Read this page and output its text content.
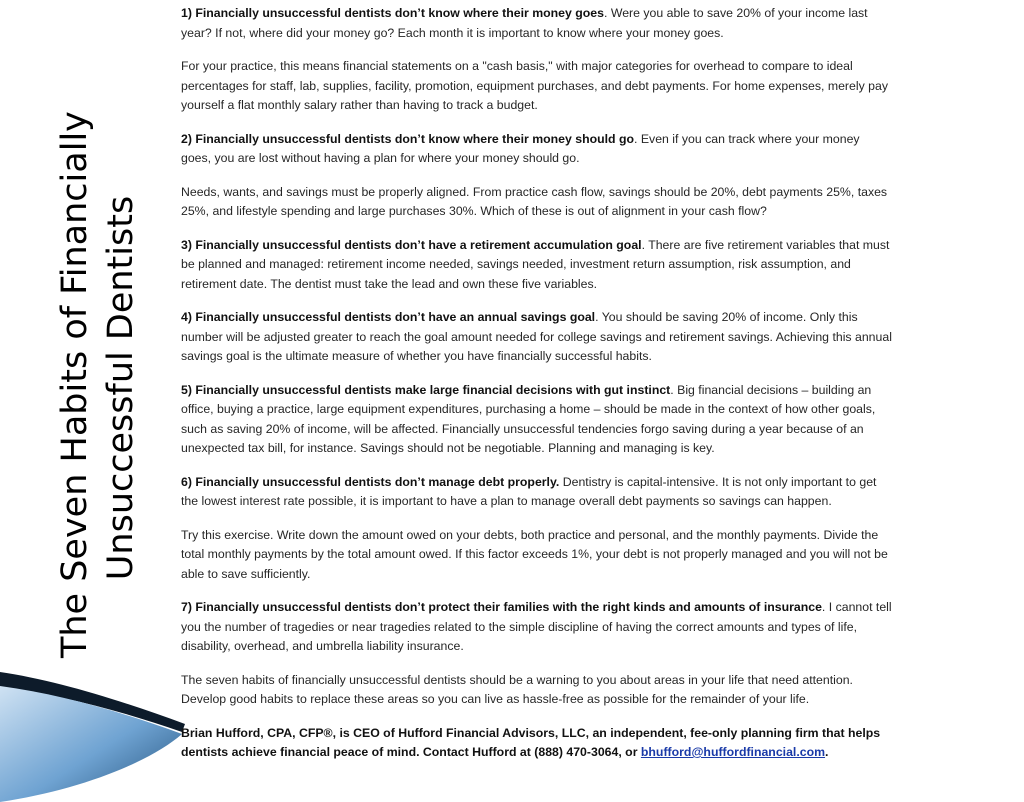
The Seven Habits of Financially Unsuccessful Dentists

1) Financially unsuccessful dentists don’t know where their money goes. Were you able to save 20% of your income last year? If not, where did your money go? Each month it is important to know where your money goes.

For your practice, this means financial statements on a "cash basis," with major categories for overhead to compare to ideal percentages for staff, lab, supplies, facility, promotion, equipment purchases, and debt payments. For home expenses, merely pay yourself a flat monthly salary rather than having to track a budget.

2) Financially unsuccessful dentists don’t know where their money should go. Even if you can track where your money goes, you are lost without having a plan for where your money should go.

Needs, wants, and savings must be properly aligned. From practice cash flow, savings should be 20%, debt payments 25%, taxes 25%, and lifestyle spending and large purchases 30%. Which of these is out of alignment in your cash flow?

3) Financially unsuccessful dentists don’t have a retirement accumulation goal. There are five retirement variables that must be planned and managed: retirement income needed, savings needed, investment return assumption, risk assumption, and retirement date. The dentist must take the lead and own these five variables.

4) Financially unsuccessful dentists don’t have an annual savings goal. You should be saving 20% of income. Only this number will be adjusted greater to reach the goal amount needed for college savings and retirement savings. Achieving this annual savings goal is the ultimate measure of whether you have financially successful habits.

5) Financially unsuccessful dentists make large financial decisions with gut instinct. Big financial decisions – building an office, buying a practice, large equipment expenditures, purchasing a home – should be made in the context of how other goals, such as saving 20% of income, will be affected. Financially unsuccessful tendencies forgo saving during a year because of an unexpected tax bill, for instance. Savings should not be negotiable. Planning and managing is key.

6) Financially unsuccessful dentists don’t manage debt properly. Dentistry is capital-intensive. It is not only important to get the lowest interest rate possible, it is important to have a plan to manage overall debt payments so savings can happen.

Try this exercise. Write down the amount owed on your debts, both practice and personal, and the monthly payments. Divide the total monthly payments by the total amount owed. If this factor exceeds 1%, your debt is not properly managed and you will not be able to save sufficiently.

7) Financially unsuccessful dentists don’t protect their families with the right kinds and amounts of insurance. I cannot tell you the number of tragedies or near tragedies related to the simple discipline of having the correct amounts and types of life, disability, overhead, and umbrella liability insurance.

The seven habits of financially unsuccessful dentists should be a warning to you about areas in your life that need attention. Develop good habits to replace these areas so you can live as hassle-free as possible for the remainder of your life.

Brian Hufford, CPA, CFP®, is CEO of Hufford Financial Advisors, LLC, an independent, fee-only planning firm that helps dentists achieve financial peace of mind. Contact Hufford at (888) 470-3064, or bhufford@huffordfinancial.com.
